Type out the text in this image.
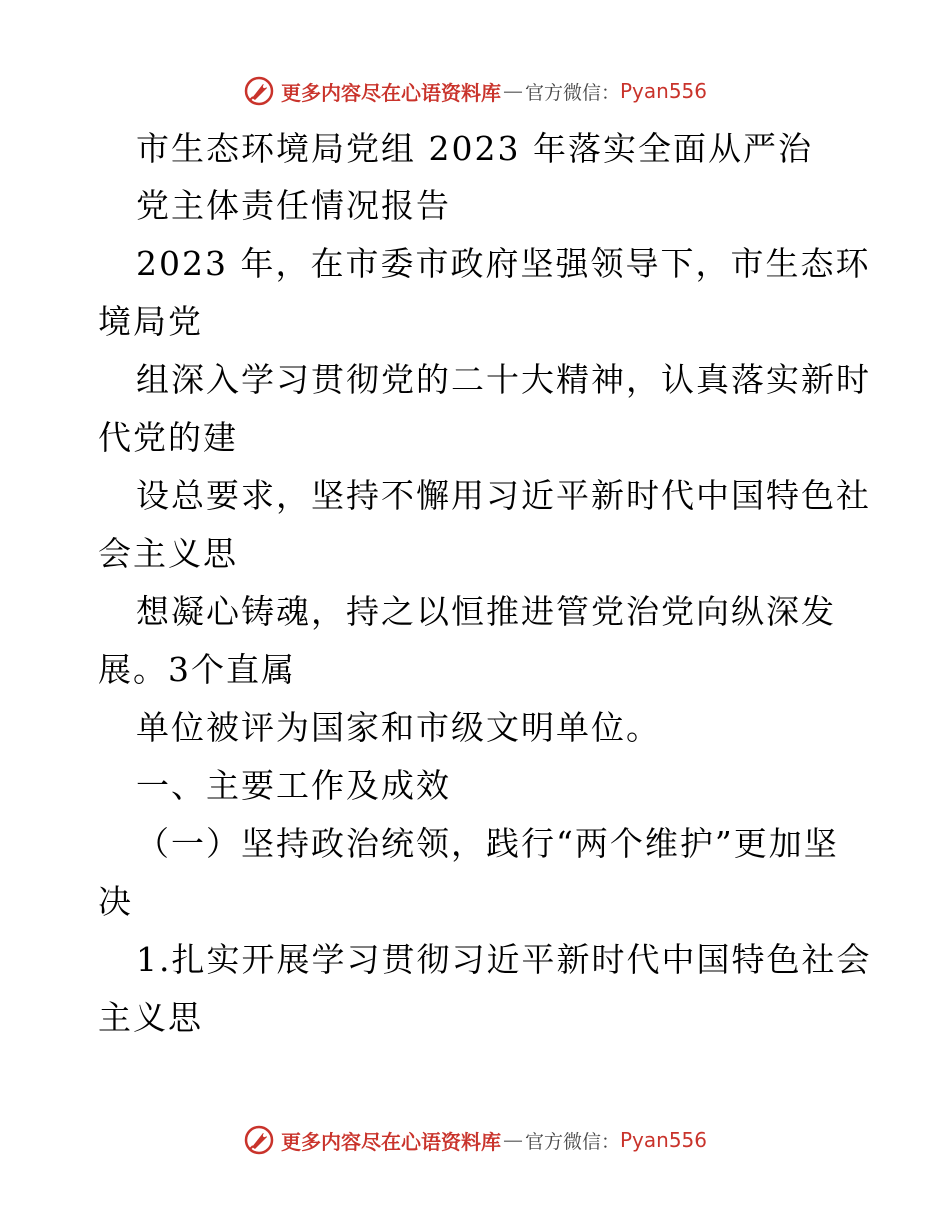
更多内容尽在心语资料库 — 官方微信： Pyan556
市生态环境局党组 2023 年落实全面从严治
党主体责任情况报告
2023 年，在市委市政府坚强领导下，市生态环
境局党
组深入学习贯彻党的二十大精神，认真落实新时
代党的建
设总要求，坚持不懈用习近平新时代中国特色社
会主义思
想凝心铸魂，持之以恒推进管党治党向纵深发
展。3个直属
单位被评为国家和市级文明单位。
一、主要工作及成效
（一）坚持政治统领，践行“两个维护”更加坚
决
1.扎实开展学习贯彻习近平新时代中国特色社会
主义思
更多内容尽在心语资料库 — 官方微信： Pyan556
